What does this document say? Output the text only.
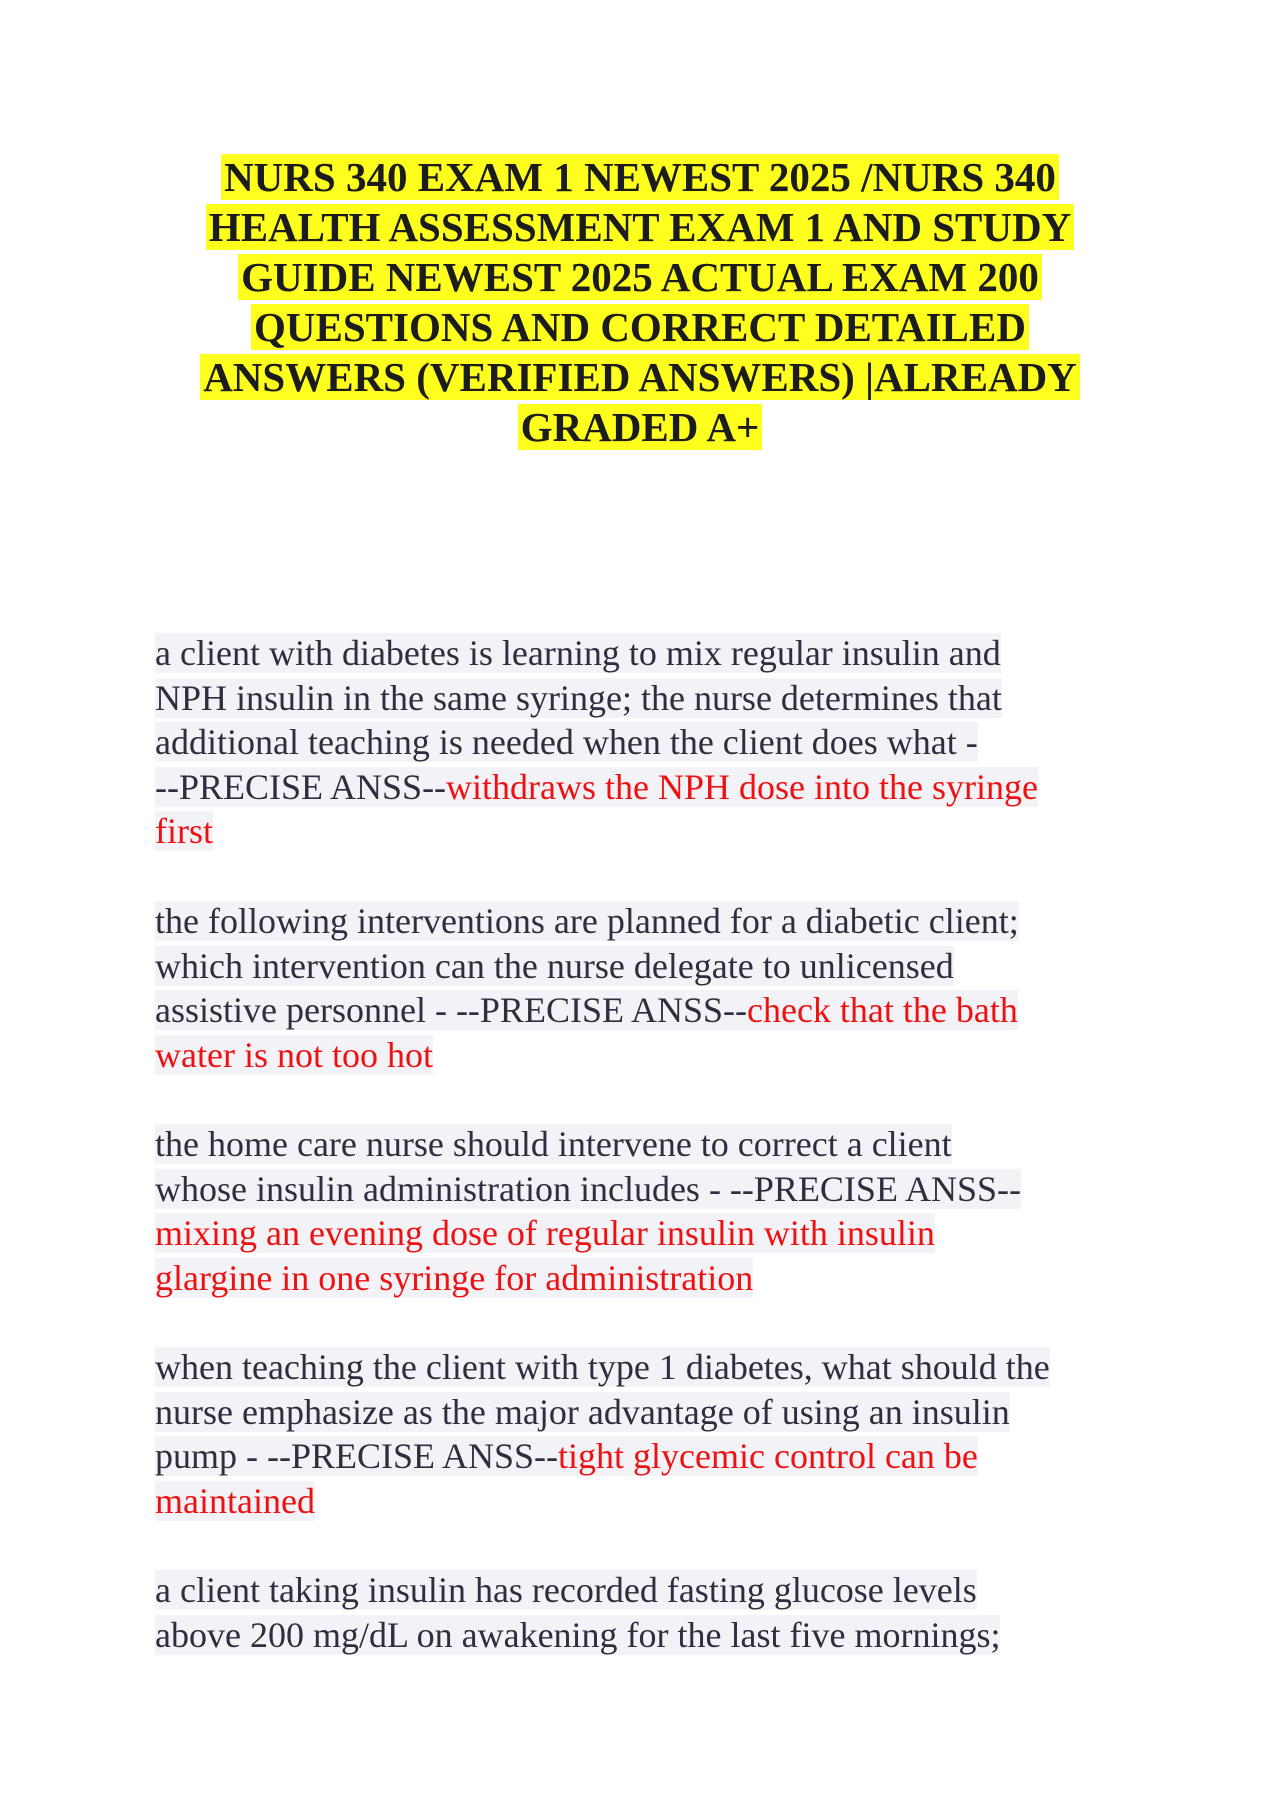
NURS 340 EXAM 1 NEWEST 2025 /NURS 340
HEALTH ASSESSMENT EXAM 1 AND STUDY
GUIDE NEWEST 2025 ACTUAL EXAM 200
QUESTIONS AND CORRECT DETAILED
ANSWERS (VERIFIED ANSWERS) |ALREADY
GRADED A+
a client with diabetes is learning to mix regular insulin and
NPH insulin in the same syringe; the nurse determines that
additional teaching is needed when the client does what -
--PRECISE ANSS--withdraws the NPH dose into the syringe
first
the following interventions are planned for a diabetic client;
which intervention can the nurse delegate to unlicensed
assistive personnel - --PRECISE ANSS--check that the bath
water is not too hot
the home care nurse should intervene to correct a client
whose insulin administration includes - --PRECISE ANSS--
mixing an evening dose of regular insulin with insulin
glargine in one syringe for administration
when teaching the client with type 1 diabetes, what should the
nurse emphasize as the major advantage of using an insulin
pump - --PRECISE ANSS--tight glycemic control can be
maintained
a client taking insulin has recorded fasting glucose levels
above 200 mg/dL on awakening for the last five mornings;
